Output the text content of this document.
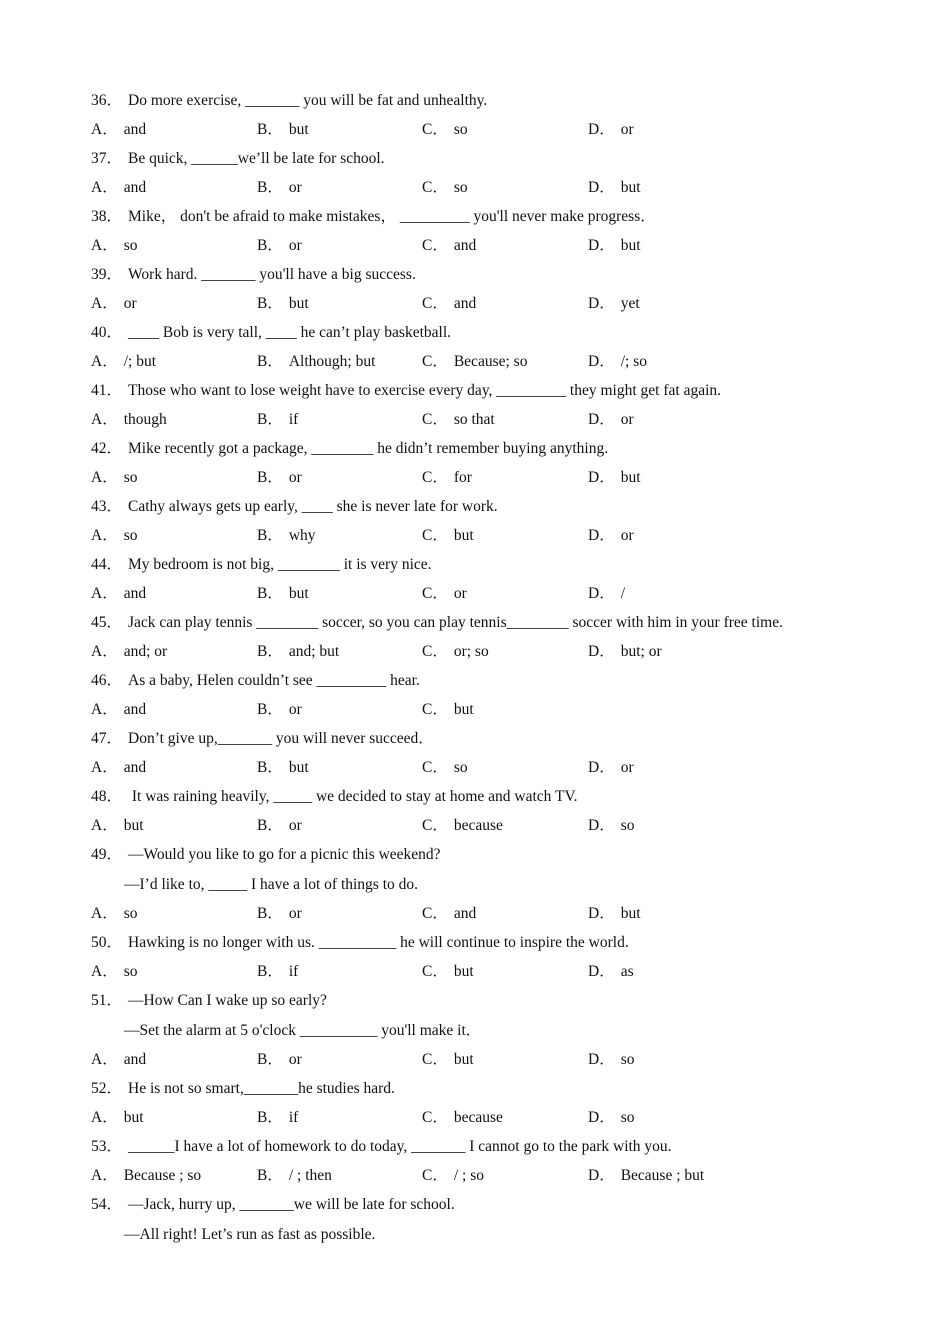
36． Do more exercise, _______ you will be fat and unhealthy.
A． and	B． but	C． so	D． or
37． Be quick, ______we’ll be late for school.
A． and	B． or	C． so	D． but
38． Mike， don't be afraid to make mistakes， _________ you'll never make progress．
A． so	B． or	C． and	D． but
39． Work hard. _______ you'll have a big success.
A． or	B． but	C． and	D． yet
40． ____ Bob is very tall, ____ he can’t play basketball.
A． /; but	B． Although; but	C． Because; so	D． /; so
41． Those who want to lose weight have to exercise every day, _________ they might get fat again.
A． though	B． if	C． so that	D． or
42． Mike recently got a package, ________ he didn’t remember buying anything.
A． so	B． or	C． for	D． but
43． Cathy always gets up early, ____ she is never late for work.
A． so	B． why	C． but	D． or
44． My bedroom is not big, ________ it is very nice.
A． and	B． but	C． or	D． /
45． Jack can play tennis ________ soccer, so you can play tennis________ soccer with him in your free time.
A． and; or	B． and; but	C． or; so	D． but; or
46． As a baby, Helen couldn’t see _________ hear.
A． and	B． or	C． but
47． Don’t give up,_______ you will never succeed．
A． and	B． but	C． so	D． or
48． It was raining heavily, _____ we decided to stay at home and watch TV.
A． but	B． or	C． because	D． so
49． —Would you like to go for a picnic this weekend?
—I’d like to, _____ I have a lot of things to do.
A． so	B． or	C． and	D． but
50． Hawking is no longer with us. __________ he will continue to inspire the world.
A． so	B． if	C． but	D． as
51． —How Can I wake up so early?
—Set the alarm at 5 o'clock __________ you'll make it．
A． and	B． or	C． but	D． so
52． He is not so smart,_______he studies hard.
A． but	B． if	C． because	D． so
53． ______I have a lot of homework to do today, _______ I cannot go to the park with you.
A． Because ; so	B． / ; then	C． / ; so	D． Because ; but
54． —Jack, hurry up, _______we will be late for school.
—All right! Let’s run as fast as possible.
